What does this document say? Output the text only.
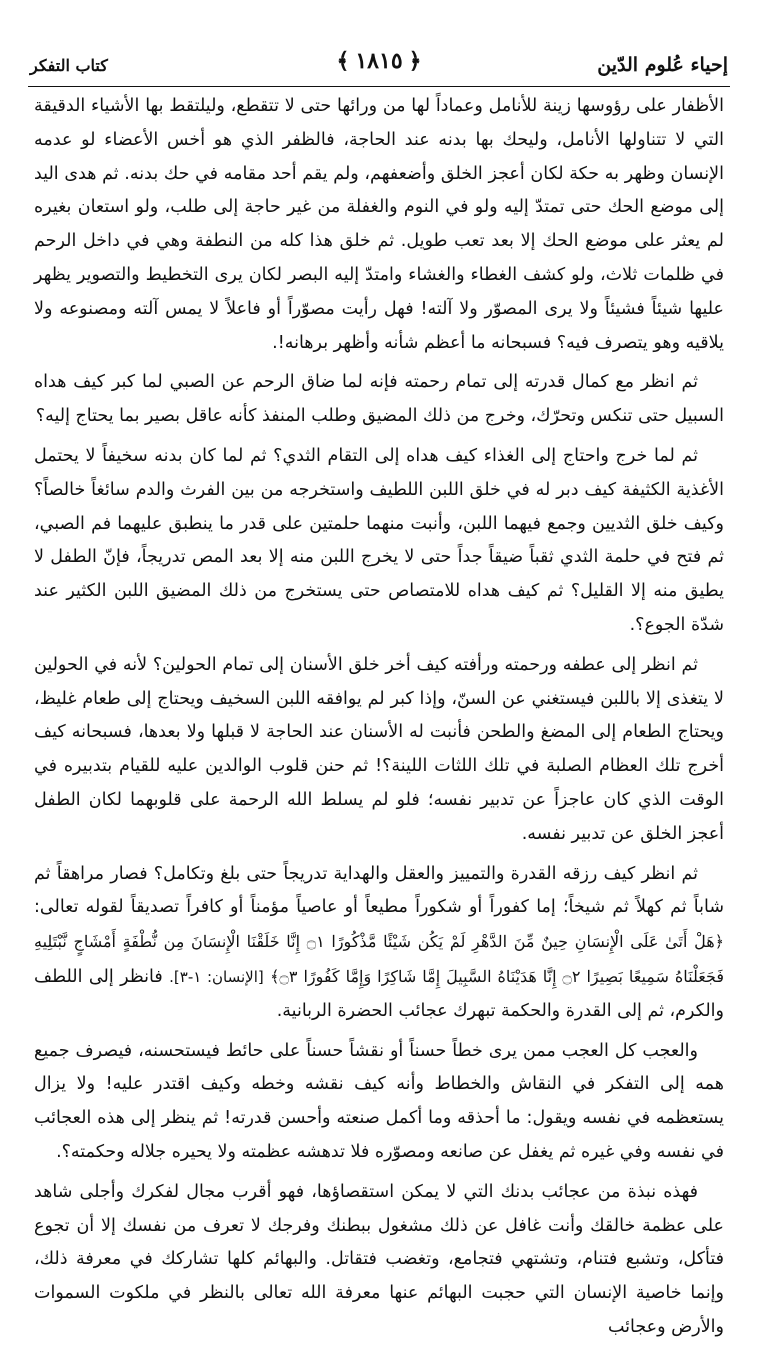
إحياء عُلوم الدّين
﴾ ١٨١٥ ﴿
كتاب التفكر

الأظفار على رؤوسها زينة للأنامل وعماداً لها من ورائها حتى لا تتقطع، وليلتقط بها الأشياء الدقيقة التي لا تتناولها الأنامل، وليحك بها بدنه عند الحاجة، فالظفر الذي هو أخس الأعضاء لو عدمه الإنسان وظهر به حكة لكان أعجز الخلق وأضعفهم، ولم يقم أحد مقامه في حك بدنه. ثم هدى اليد إلى موضع الحك حتى تمتدّ إليه ولو في النوم والغفلة من غير حاجة إلى طلب، ولو استعان بغيره لم يعثر على موضع الحك إلا بعد تعب طويل. ثم خلق هذا كله من النطفة وهي في داخل الرحم في ظلمات ثلاث، ولو كشف الغطاء والغشاء وامتدّ إليه البصر لكان يرى التخطيط والتصوير يظهر عليها شيئاً فشيئاً ولا يرى المصوّر ولا آلته! فهل رأيت مصوّراً أو فاعلاً لا يمس آلته ومصنوعه ولا يلاقيه وهو يتصرف فيه؟ فسبحانه ما أعظم شأنه وأظهر برهانه!.

ثم انظر مع كمال قدرته إلى تمام رحمته فإنه لما ضاق الرحم عن الصبي لما كبر كيف هداه السبيل حتى تنكس وتحرّك، وخرج من ذلك المضيق وطلب المنفذ كأنه عاقل بصير بما يحتاج إليه؟

ثم لما خرج واحتاج إلى الغذاء كيف هداه إلى التقام الثدي؟ ثم لما كان بدنه سخيفاً لا يحتمل الأغذية الكثيفة كيف دبر له في خلق اللبن اللطيف واستخرجه من بين الفرث والدم سائغاً خالصاً؟ وكيف خلق الثديين وجمع فيهما اللبن، وأنبت منهما حلمتين على قدر ما ينطبق عليهما فم الصبي، ثم فتح في حلمة الثدي ثقباً ضيقاً جداً حتى لا يخرج اللبن منه إلا بعد المص تدريجاً، فإنّ الطفل لا يطيق منه إلا القليل؟ ثم كيف هداه للامتصاص حتى يستخرج من ذلك المضيق اللبن الكثير عند شدّة الجوع؟.

ثم انظر إلى عطفه ورحمته ورأفته كيف أخر خلق الأسنان إلى تمام الحولين؟ لأنه في الحولين لا يتغذى إلا باللبن فيستغني عن السنّ، وإذا كبر لم يوافقه اللبن السخيف ويحتاج إلى طعام غليظ، ويحتاج الطعام إلى المضغ والطحن فأنبت له الأسنان عند الحاجة لا قبلها ولا بعدها، فسبحانه كيف أخرج تلك العظام الصلبة في تلك اللثات اللينة؟! ثم حنن قلوب الوالدين عليه للقيام بتدبيره في الوقت الذي كان عاجزاً عن تدبير نفسه؛ فلو لم يسلط الله الرحمة على قلوبهما لكان الطفل أعجز الخلق عن تدبير نفسه.

ثم انظر كيف رزقه القدرة والتمييز والعقل والهداية تدريجاً حتى بلغ وتكامل؟ فصار مراهقاً ثم شاباً ثم كهلاً ثم شيخاً؛ إما كفوراً أو شكوراً مطيعاً أو عاصياً مؤمناً أو كافراً تصديقاً لقوله تعالى: ﴿هَلْ أَتَىٰ عَلَى الْإِنسَانِ حِينٌ مِّنَ الدَّهْرِ لَمْ يَكُن شَيْئًا مَّذْكُورًا ۝١ إِنَّا خَلَقْنَا الْإِنسَانَ مِن نُّطْفَةٍ أَمْشَاجٍ نَّبْتَلِيهِ فَجَعَلْنَاهُ سَمِيعًا بَصِيرًا ۝٢ إِنَّا هَدَيْنَاهُ السَّبِيلَ إِمَّا شَاكِرًا وَإِمَّا كَفُورًا ۝٣﴾ [الإنسان: ١-٣]. فانظر إلى اللطف والكرم، ثم إلى القدرة والحكمة تبهرك عجائب الحضرة الربانية.

والعجب كل العجب ممن يرى خطاً حسناً أو نقشاً حسناً على حائط فيستحسنه، فيصرف جميع همه إلى التفكر في النقاش والخطاط وأنه كيف نقشه وخطه وكيف اقتدر عليه! ولا يزال يستعظمه في نفسه ويقول: ما أحذقه وما أكمل صنعته وأحسن قدرته! ثم ينظر إلى هذه العجائب في نفسه وفي غيره ثم يغفل عن صانعه ومصوّره فلا تدهشه عظمته ولا يحيره جلاله وحكمته؟.

فهذه نبذة من عجائب بدنك التي لا يمكن استقصاؤها، فهو أقرب مجال لفكرك وأجلى شاهد على عظمة خالقك وأنت غافل عن ذلك مشغول ببطنك وفرجك لا تعرف من نفسك إلا أن تجوع فتأكل، وتشبع فتنام، وتشتهي فتجامع، وتغضب فتقاتل. والبهائم كلها تشاركك في معرفة ذلك، وإنما خاصية الإنسان التي حجبت البهائم عنها معرفة الله تعالى بالنظر في ملكوت السموات والأرض وعجائب
